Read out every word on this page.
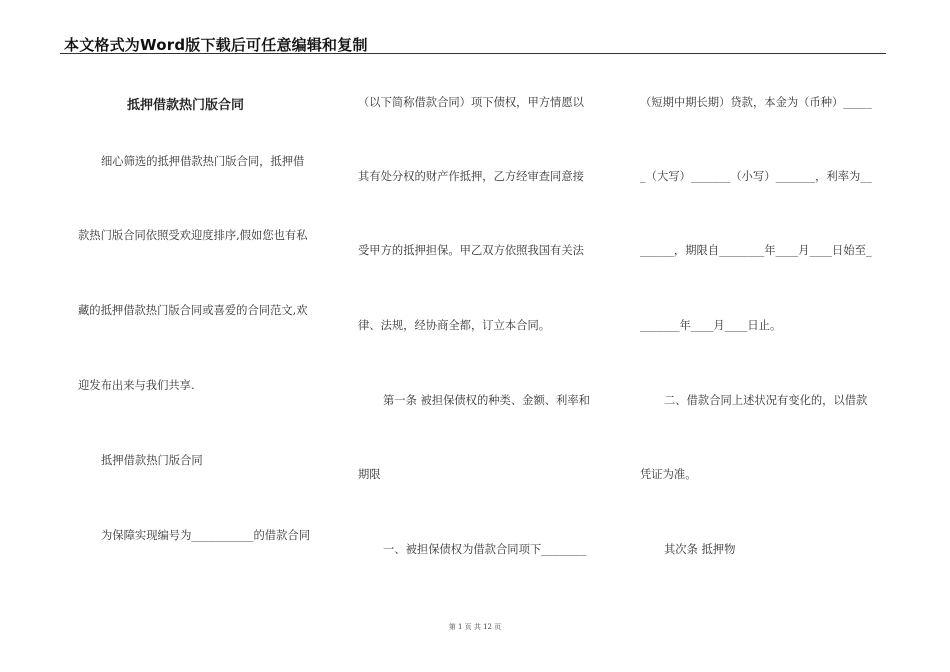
本文格式为Word版下载后可任意编辑和复制
抵押借款热门版合同
细心筛选的抵押借款热门版合同，抵押借
款热门版合同依照受欢迎度排序,假如您也有私
藏的抵押借款热门版合同或喜爱的合同范文,欢
迎发布出来与我们共享.
抵押借款热门版合同
为保障实现编号为___________的借款合同
（以下简称借款合同）项下债权，甲方情愿以
其有处分权的财产作抵押，乙方经审查同意接
受甲方的抵押担保。甲乙双方依照我国有关法
律、法规，经协商全都，订立本合同。
第一条 被担保债权的种类、金额、利率和
期限
一、被担保债权为借款合同项下________
（短期中期长期）贷款，本金为（币种）_____
_（大写）_______（小写）_______，利率为__
______，期限自________年____月____日始至_
_______年____月____日止。
二、借款合同上述状况有变化的，以借款
凭证为准。
其次条 抵押物
第 1 页 共 12 页
